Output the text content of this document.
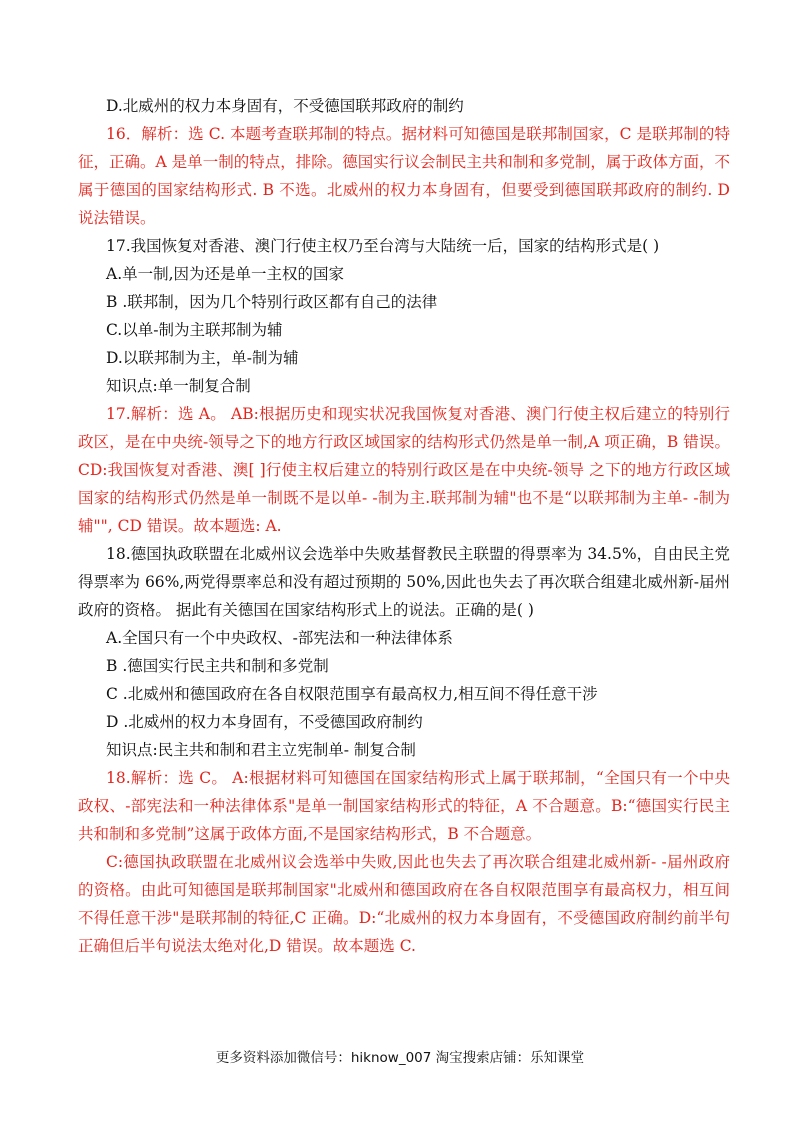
D.北威州的权力本身固有，不受德国联邦政府的制约

16．解析：选 C. 本题考查联邦制的特点。据材料可知德国是联邦制国家，C 是联邦制的特征，正确。A 是单一制的特点，排除。德国实行议会制民主共和制和多党制，属于政体方面，不属于德国的国家结构形式. B 不选。北威州的权力本身固有，但要受到德国联邦政府的制约. D 说法错误。

17.我国恢复对香港、澳门行使主权乃至台湾与大陆统一后，国家的结构形式是( )

A.单一制,因为还是单一主权的国家

B .联邦制，因为几个特别行政区都有自己的法律

C.以单-制为主联邦制为辅

D.以联邦制为主，单-制为辅

知识点:单一制复合制

17.解析：选 A。 AB:根据历史和现实状况我国恢复对香港、澳门行使主权后建立的特别行政区，是在中央统-领导之下的地方行政区域国家的结构形式仍然是单一制,A 项正确，B 错误。CD:我国恢复对香港、澳[ ]行使主权后建立的特别行政区是在中央统-领导 之下的地方行政区域国家的结构形式仍然是单一制既不是以单- -制为主.联邦制为辅"也不是“以联邦制为主单- -制为辅"", CD 错误。故本题选: A.

18.德国执政联盟在北威州议会选举中失败基督教民主联盟的得票率为 34.5%，自由民主党得票率为 66%,两党得票率总和没有超过预期的 50%,因此也失去了再次联合组建北威州新-届州政府的资格。 据此有关德国在国家结构形式上的说法。正确的是( )

A.全国只有一个中央政权、-部宪法和一种法律体系

B .德国实行民主共和制和多党制

C .北威州和德国政府在各自权限范围享有最高权力,相互间不得任意干涉

D .北威州的权力本身固有，不受德国政府制约

知识点:民主共和制和君主立宪制单- 制复合制

18.解析：选 C。 A:根据材料可知德国在国家结构形式上属于联邦制，“全国只有一个中央政权、-部宪法和一种法律体系"是单一制国家结构形式的特征，A 不合题意。B:“德国实行民主共和制和多党制”这属于政体方面,不是国家结构形式，B 不合题意。

C:德国执政联盟在北威州议会选举中失败,因此也失去了再次联合组建北威州新- -届州政府的资格。由此可知德国是联邦制国家"北威州和德国政府在各自权限范围享有最高权力，相互间不得任意干涉"是联邦制的特征,C 正确。D:“北威州的权力本身固有，不受德国政府制约前半句正确但后半句说法太绝对化,D 错误。故本题选 C.

更多资料添加微信号：hiknow_007 淘宝搜索店铺：乐知课堂
